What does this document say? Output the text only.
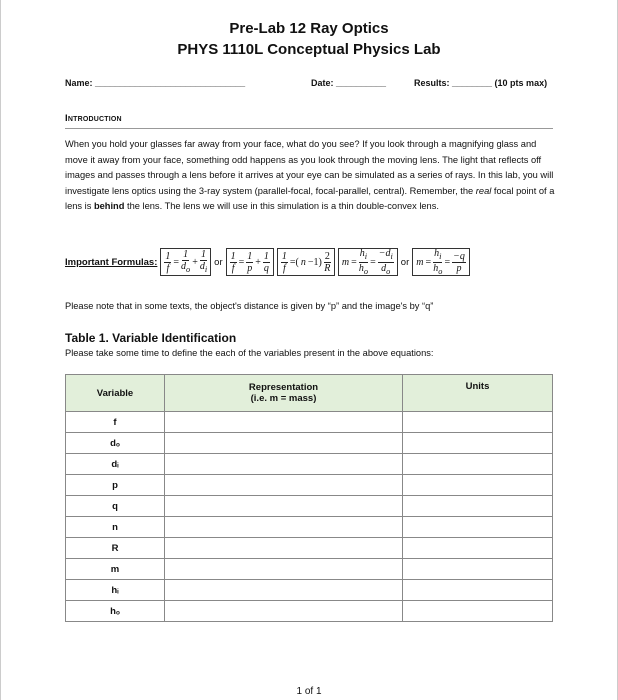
Pre-Lab 12 Ray Optics
PHYS 1110L Conceptual Physics Lab
Name: ______________________________	Date: __________	Results: ________ (10 pts max)
Introduction
When you hold your glasses far away from your face, what do you see? If you look through a magnifying glass and move it away from your face, something odd happens as you look through the moving lens. The light that reflects off images and passes through a lens before it arrives at your eye can be simulated as a series of rays. In this lab, you will investigate lens optics using the 3-ray system (parallel-focal, focal-parallel, central). Remember, the real focal point of a lens is behind the lens. The lens we will use in this simulation is a thin double-convex lens.
Important Formulas: $\frac{1}{f} = \frac{1}{d_o} + \frac{1}{d_i}$ or $\frac{1}{f} = \frac{1}{p} + \frac{1}{q} \frac{1}{f}$ =( $n -1) \frac{2}{R}$ $m = \frac{h_i}{h_o} = \frac{-d_i}{d_o}$ or $m = \frac{h_i}{h_o} = \frac{-q}{p}$
Please note that in some texts, the object's distance is given by “p” and the image's by “q”
Table 1. Variable Identification
Please take some time to define the each of the variables present in the above equations:
Variable	Representation
(i.e. m = mass)	Units
f		
dₒ		
dᵢ		
p		
q		
n		
R		
m		
hᵢ		
hₒ		
1 of 1
